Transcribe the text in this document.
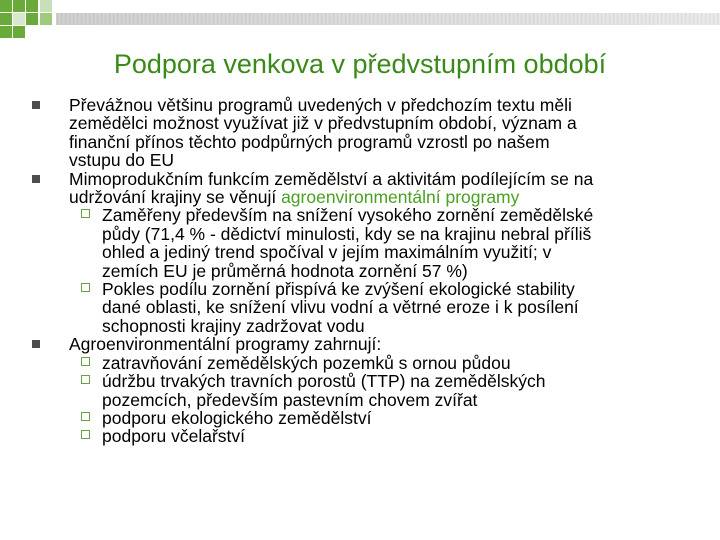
Podpora venkova v předvstupním období
Převážnou většinu programů uvedených v předchozím textu měli
zemědělci možnost využívat již v předvstupním období, význam a
finanční přínos těchto podpůrných programů vzrostl po našem
vstupu do EU
Mimoprodukčním funkcím zemědělství a aktivitám podílejícím se na
udržování krajiny se věnují agroenvironmentální programy
Zaměřeny především na snížení vysokého zornění zemědělské
půdy (71,4 % - dědictví minulosti, kdy se na krajinu nebral příliš
ohled a jediný trend spočíval v jejím maximálním využití; v
zemích EU je průměrná hodnota zornění 57 %)
Pokles podílu zornění přispívá ke zvýšení ekologické stability
dané oblasti, ke snížení vlivu vodní a větrné eroze i k posílení
schopnosti krajiny zadržovat vodu
Agroenvironmentální programy zahrnují:
zatravňování zemědělských pozemků s ornou půdou
údržbu trvakých travních porostů (TTP) na zemědělských
pozemcích, především pastevním chovem zvířat
podporu ekologického zemědělství
podporu včelařství
